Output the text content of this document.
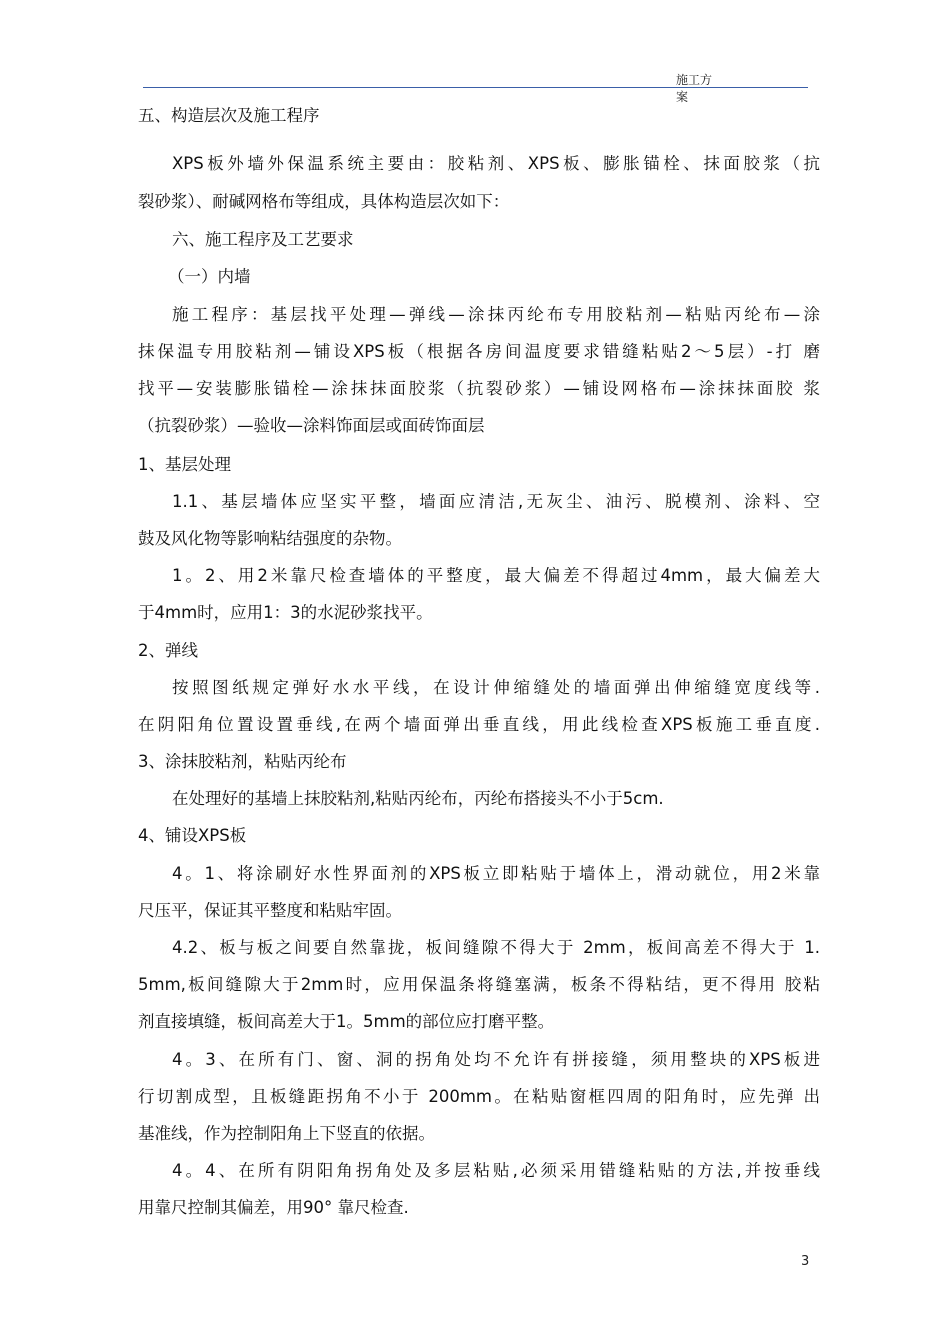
施工方
案
五、构造层次及施工程序
XPS板外墙外保温系统主要由：胶粘剂、XPS板、膨胀锚栓、抹面胶浆（抗
裂砂浆）、耐碱网格布等组成，具体构造层次如下：
六、施工程序及工艺要求
（一）内墙
施工程序：基层找平处理—弹线—涂抹丙纶布专用胶粘剂—粘贴丙纶布—涂
抹保温专用胶粘剂—铺设XPS板（根据各房间温度要求错缝粘贴2～5层）-打 磨
找平—安装膨胀锚栓—涂抹抹面胶浆（抗裂砂浆）—铺设网格布—涂抹抹面胶 浆
（抗裂砂浆）—验收—涂料饰面层或面砖饰面层
1、基层处理
1.1、基层墙体应坚实平整，墙面应清洁,无灰尘、油污、脱模剂、涂料、空
鼓及风化物等影响粘结强度的杂物。
1。2、用2米靠尺检查墙体的平整度，最大偏差不得超过4mm，最大偏差大
于4mm时，应用1：3的水泥砂浆找平。
2、弹线
按照图纸规定弹好水水平线，在设计伸缩缝处的墙面弹出伸缩缝宽度线等.
在阴阳角位置设置垂线,在两个墙面弹出垂直线，用此线检查XPS板施工垂直度.
3、涂抹胶粘剂，粘贴丙纶布
在处理好的基墙上抹胶粘剂,粘贴丙纶布，丙纶布搭接头不小于5cm.
4、铺设XPS板
4。1、将涂刷好水性界面剂的XPS板立即粘贴于墙体上，滑动就位，用2米靠
尺压平，保证其平整度和粘贴牢固。
4.2、板与板之间要自然靠拢，板间缝隙不得大于 2mm，板间高差不得大于 1.
5mm,板间缝隙大于2mm时，应用保温条将缝塞满，板条不得粘结，更不得用 胶粘
剂直接填缝，板间高差大于1。5mm的部位应打磨平整。
4。3、在所有门、窗、洞的拐角处均不允许有拼接缝，须用整块的XPS板进
行切割成型，且板缝距拐角不小于 200mm。在粘贴窗框四周的阳角时，应先弹 出
基准线，作为控制阳角上下竖直的依据。
4。4、在所有阴阳角拐角处及多层粘贴,必须采用错缝粘贴的方法,并按垂线
用靠尺控制其偏差，用90° 靠尺检查.
3
